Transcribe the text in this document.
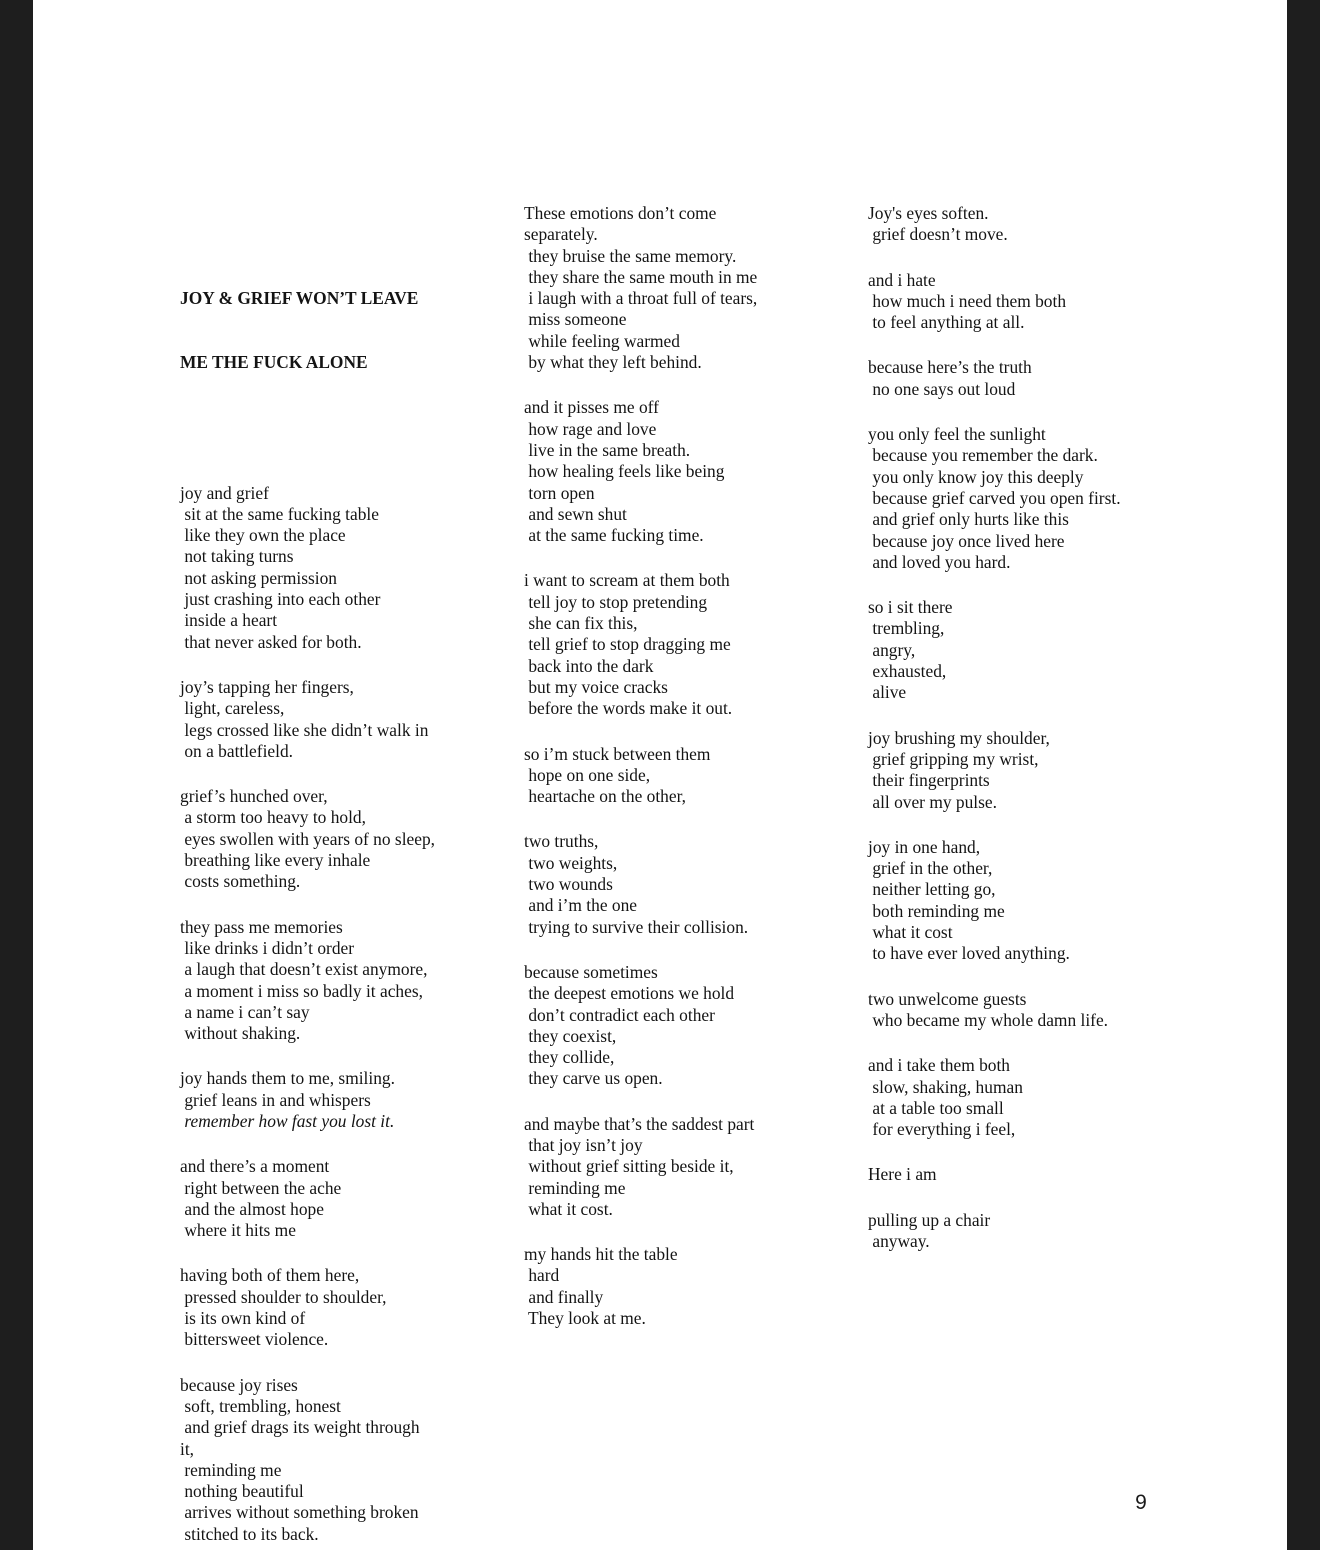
JOY & GRIEF WON’T LEAVE

ME THE FUCK ALONE

joy and grief
sit at the same fucking table
like they own the place
not taking turns
not asking permission
just crashing into each other
inside a heart
that never asked for both.
joy’s tapping her fingers,
light, careless,
legs crossed like she didn’t walk in
on a battlefield.
grief’s hunched over,
a storm too heavy to hold,
eyes swollen with years of no sleep,
breathing like every inhale
costs something.
they pass me memories
like drinks i didn’t order
a laugh that doesn’t exist anymore,
a moment i miss so badly it aches,
a name i can’t say
without shaking.
joy hands them to me, smiling.
grief leans in and whispers
remember how fast you lost it.
and there’s a moment
right between the ache
and the almost hope
where it hits me
having both of them here,
pressed shoulder to shoulder,
is its own kind of
bittersweet violence.
because joy rises
soft, trembling, honest
and grief drags its weight through
it,
reminding me
nothing beautiful
arrives without something broken
stitched to its back.
These emotions don’t come
separately.
they bruise the same memory.
they share the same mouth in me
i laugh with a throat full of tears,
miss someone
while feeling warmed
by what they left behind.
and it pisses me off
how rage and love
live in the same breath.
how healing feels like being
torn open
and sewn shut
at the same fucking time.
i want to scream at them both
tell joy to stop pretending
she can fix this,
tell grief to stop dragging me
back into the dark
but my voice cracks
before the words make it out.
so i’m stuck between them
hope on one side,
heartache on the other,
two truths,
two weights,
two wounds
and i’m the one
trying to survive their collision.
because sometimes
the deepest emotions we hold
don’t contradict each other
they coexist,
they collide,
they carve us open.
and maybe that’s the saddest part
that joy isn’t joy
without grief sitting beside it,
reminding me
what it cost.
my hands hit the table
hard
and finally
They look at me.
Joy's eyes soften.
grief doesn’t move.
and i hate
how much i need them both
to feel anything at all.
because here’s the truth
no one says out loud
you only feel the sunlight
because you remember the dark.
you only know joy this deeply
because grief carved you open first.
and grief only hurts like this
because joy once lived here
and loved you hard.
so i sit there
trembling,
angry,
exhausted,
alive
joy brushing my shoulder,
grief gripping my wrist,
their fingerprints
all over my pulse.
joy in one hand,
grief in the other,
neither letting go,
both reminding me
what it cost
to have ever loved anything.
two unwelcome guests
who became my whole damn life.
and i take them both
slow, shaking, human
at a table too small
for everything i feel,
Here i am
pulling up a chair
anyway.
9
